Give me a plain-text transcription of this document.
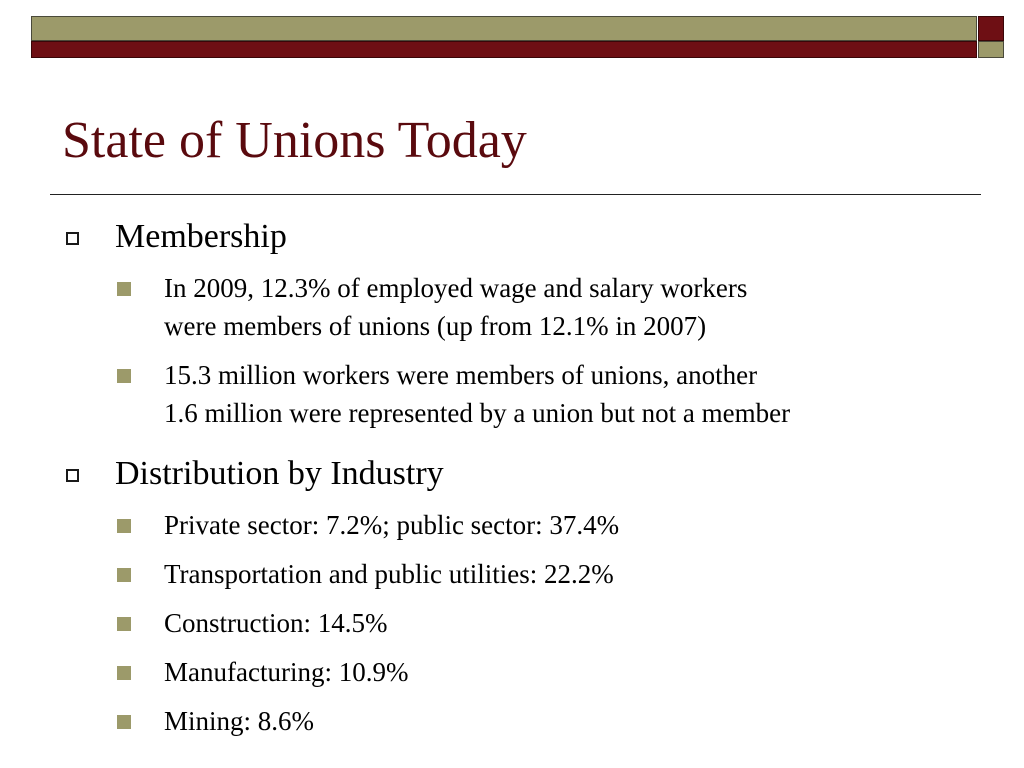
State of Unions Today
Membership
In 2009, 12.3% of employed wage and salary workers
were members of unions (up from 12.1% in 2007)
15.3 million workers were members of unions, another
1.6 million were represented by a union but not a member
Distribution by Industry
Private sector: 7.2%; public sector: 37.4%
Transportation and public utilities: 22.2%
Construction: 14.5%
Manufacturing: 10.9%
Mining: 8.6%
